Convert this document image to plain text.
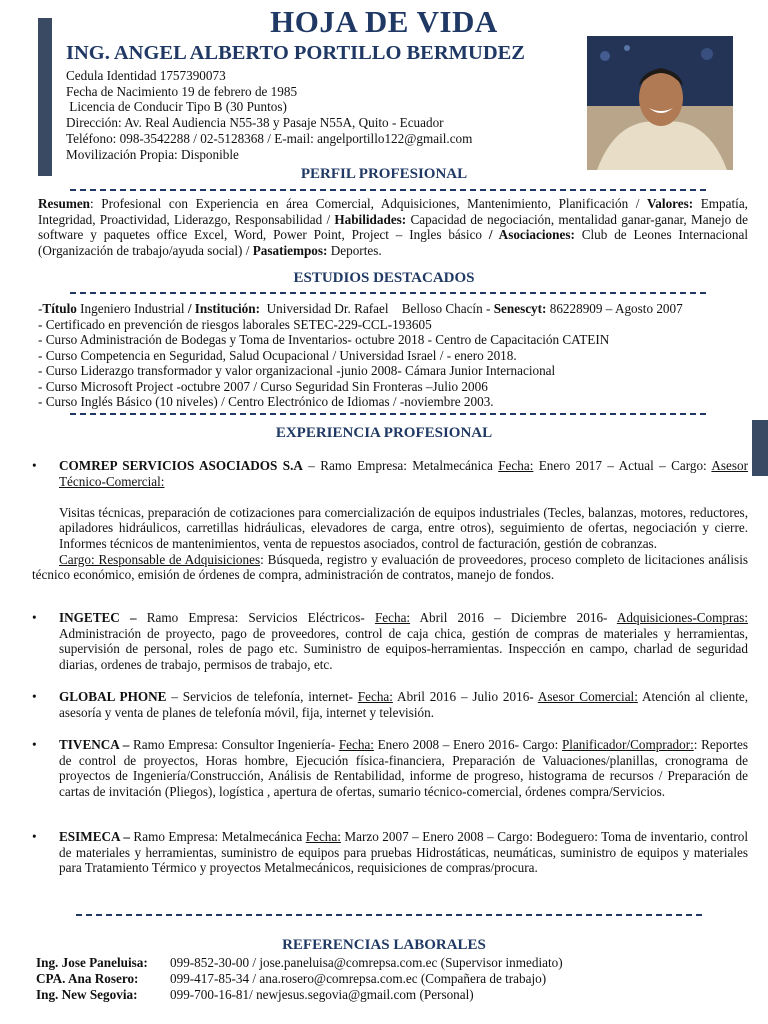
HOJA DE VIDA
ING. ANGEL ALBERTO PORTILLO BERMUDEZ
Cedula Identidad 1757390073
Fecha de Nacimiento 19 de febrero de 1985
Licencia de Conducir Tipo B (30 Puntos)
Dirección: Av. Real Audiencia N55-38 y Pasaje N55A, Quito - Ecuador
Teléfono: 098-3542288 / 02-5128368 / E-mail: angelportillo122@gmail.com
Movilización Propia: Disponible
PERFIL PROFESIONAL
Resumen: Profesional con Experiencia en área Comercial, Adquisiciones, Mantenimiento, Planificación / Valores: Empatía, Integridad, Proactividad, Liderazgo, Responsabilidad / Habilidades: Capacidad de negociación, mentalidad ganar-ganar, Manejo de software y paquetes office Excel, Word, Power Point, Project – Ingles básico / Asociaciones: Club de Leones Internacional (Organización de trabajo/ayuda social) / Pasatiempos: Deportes.
ESTUDIOS DESTACADOS
-Título Ingeniero Industrial / Institución:  Universidad Dr. Rafael    Belloso Chacín - Senescyt: 86228909 – Agosto 2007
- Certificado en prevención de riesgos laborales SETEC-229-CCL-193605
- Curso Administración de Bodegas y Toma de Inventarios- octubre 2018 - Centro de Capacitación CATEIN
- Curso Competencia en Seguridad, Salud Ocupacional / Universidad Israel / - enero 2018.
- Curso Liderazgo transformador y valor organizacional -junio 2008- Cámara Junior Internacional
- Curso Microsoft Project -octubre 2007 / Curso Seguridad Sin Fronteras –Julio 2006
- Curso Inglés Básico (10 niveles) / Centro Electrónico de Idiomas / -noviembre 2003.
EXPERIENCIA PROFESIONAL
• COMREP SERVICIOS ASOCIADOS S.A – Ramo Empresa: Metalmecánica Fecha: Enero 2017 – Actual – Cargo: Asesor Técnico-Comercial:
Visitas técnicas, preparación de cotizaciones para comercialización de equipos industriales (Tecles, balanzas, motores, reductores, apiladores hidráulicos, carretillas hidráulicas, elevadores de carga, entre otros), seguimiento de ofertas, negociación y cierre. Informes técnicos de mantenimientos, venta de repuestos asociados, control de facturación, gestión de cobranzas.
Cargo: Responsable de Adquisiciones: Búsqueda, registro y evaluación de proveedores, proceso completo de licitaciones análisis técnico económico, emisión de órdenes de compra, administración de contratos, manejo de fondos.
• INGETEC – Ramo Empresa: Servicios Eléctricos- Fecha: Abril 2016 – Diciembre 2016- Adquisiciones-Compras: Administración de proyecto, pago de proveedores, control de caja chica, gestión de compras de materiales y herramientas, supervisión de personal, roles de pago etc. Suministro de equipos-herramientas. Inspección en campo, charlad de seguridad diarias, ordenes de trabajo, permisos de trabajo, etc.
• GLOBAL PHONE – Servicios de telefonía, internet- Fecha: Abril 2016 – Julio 2016- Asesor Comercial: Atención al cliente, asesoría y venta de planes de telefonía móvil, fija, internet y televisión.
• TIVENCA – Ramo Empresa: Consultor Ingeniería- Fecha: Enero 2008 – Enero 2016- Cargo: Planificador/Comprador:: Reportes de control de proyectos, Horas hombre, Ejecución física-financiera, Preparación de Valuaciones/planillas, cronograma de proyectos de Ingeniería/Construcción, Análisis de Rentabilidad, informe de progreso, histograma de recursos / Preparación de cartas de invitación (Pliegos), logística , apertura de ofertas, sumario técnico-comercial, órdenes compra/Servicios.
• ESIMECA – Ramo Empresa: Metalmecánica Fecha: Marzo 2007 – Enero 2008 – Cargo: Bodeguero: Toma de inventario, control de materiales y herramientas, suministro de equipos para pruebas Hidrostáticas, neumáticas, suministro de equipos y materiales para Tratamiento Térmico y proyectos Metalmecánicos, requisiciones de compras/procura.
REFERENCIAS LABORALES
Ing. Jose Paneluisa: 099-852-30-00 / jose.paneluisa@comrepsa.com.ec (Supervisor inmediato)
CPA. Ana Rosero: 099-417-85-34 / ana.rosero@comrepsa.com.ec (Compañera de trabajo)
Ing. New Segovia: 099-700-16-81/ newjesus.segovia@gmail.com (Personal)
